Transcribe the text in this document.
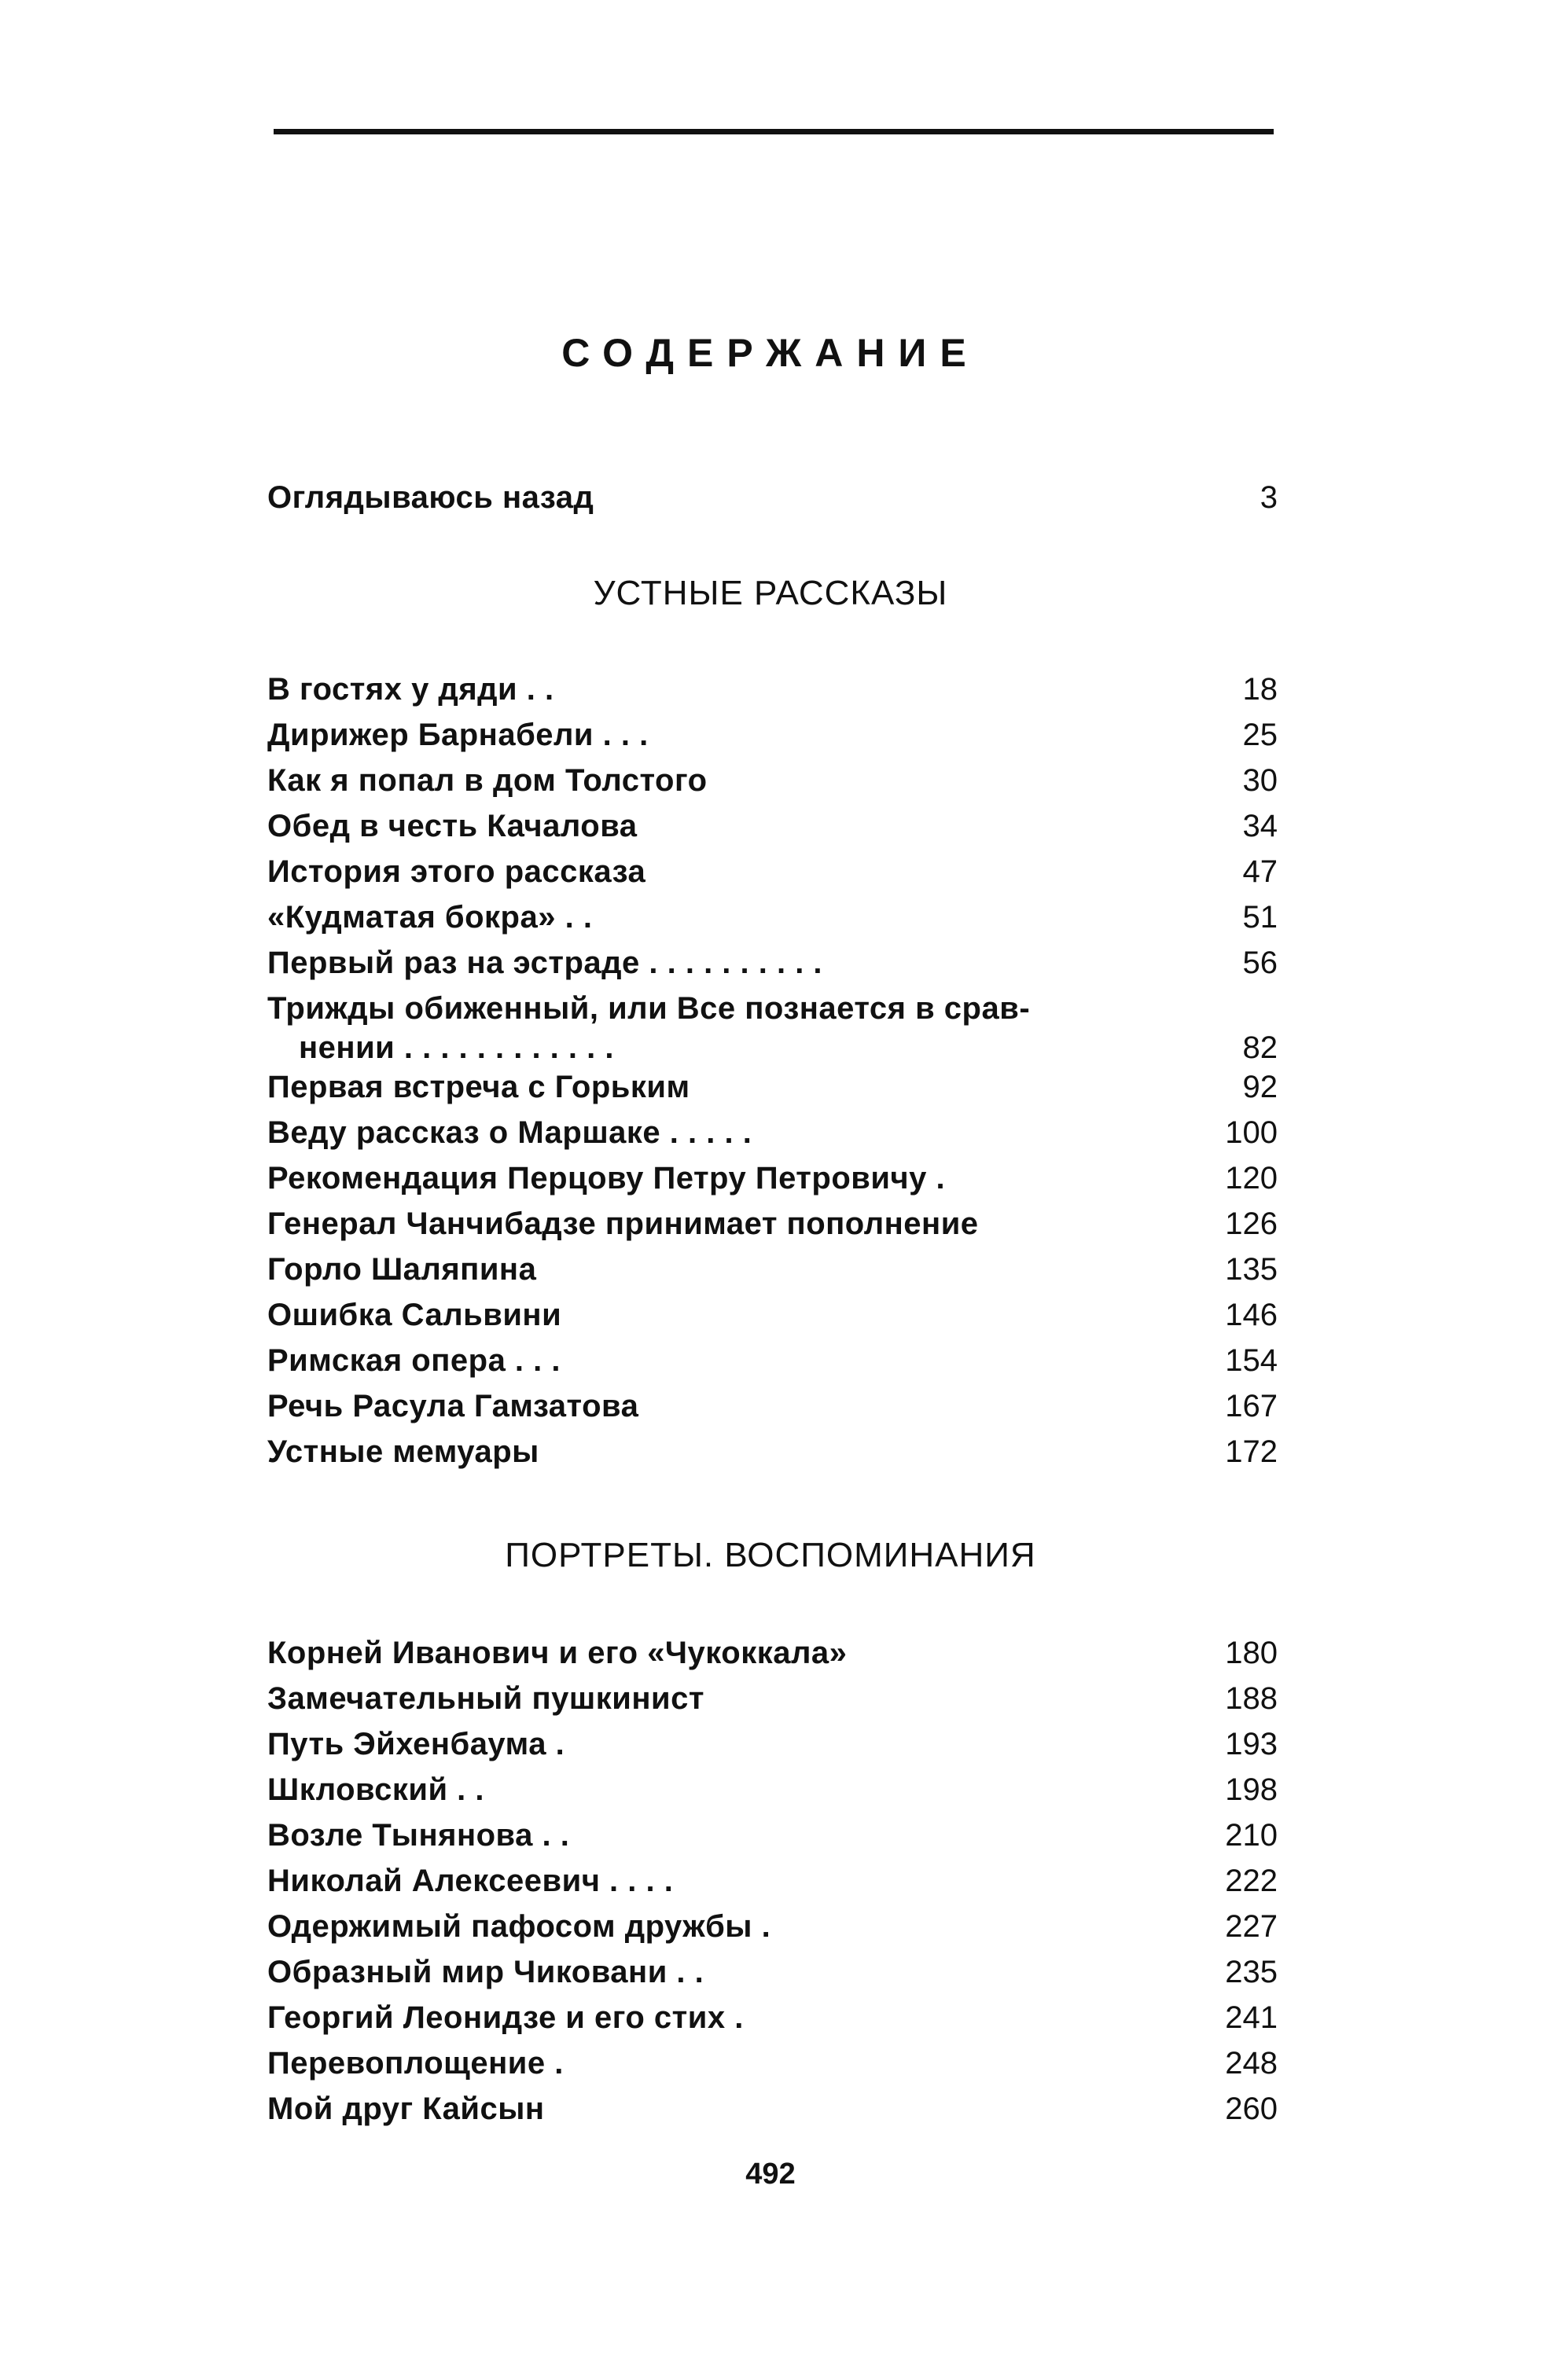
СОДЕРЖАНИЕ
Оглядываюсь назад	3
УСТНЫЕ РАССКАЗЫ
В гостях у дяди . .	18
Дирижер Барнабели . . .	25
Как я попал в дом Толстого	30
Обед в честь Качалова	34
История этого рассказа	47
«Кудматая бокра» . .	51
Первый раз на эстраде . . . . . . . . . .	56
Трижды обиженный, или Все познается в срав-
нении . . . . . . . . . . . .	82
Первая встреча с Горьким	92
Веду рассказ о Маршаке . . . . .	100
Рекомендация Перцову Петру Петровичу .	120
Генерал Чанчибадзе принимает пополнение	126
Горло Шаляпина	135
Ошибка Сальвини	146
Римская опера . . .	154
Речь Расула Гамзатова	167
Устные мемуары	172
ПОРТРЕТЫ. ВОСПОМИНАНИЯ
Корней Иванович и его «Чукоккала»	180
Замечательный пушкинист	188
Путь Эйхенбаума .	193
Шкловский . .	198
Возле Тынянова . .	210
Николай Алексеевич . . . .	222
Одержимый пафосом дружбы .	227
Образный мир Чиковани . .	235
Георгий Леонидзе и его стих .	241
Перевоплощение .	248
Мой друг Кайсын	260
492
